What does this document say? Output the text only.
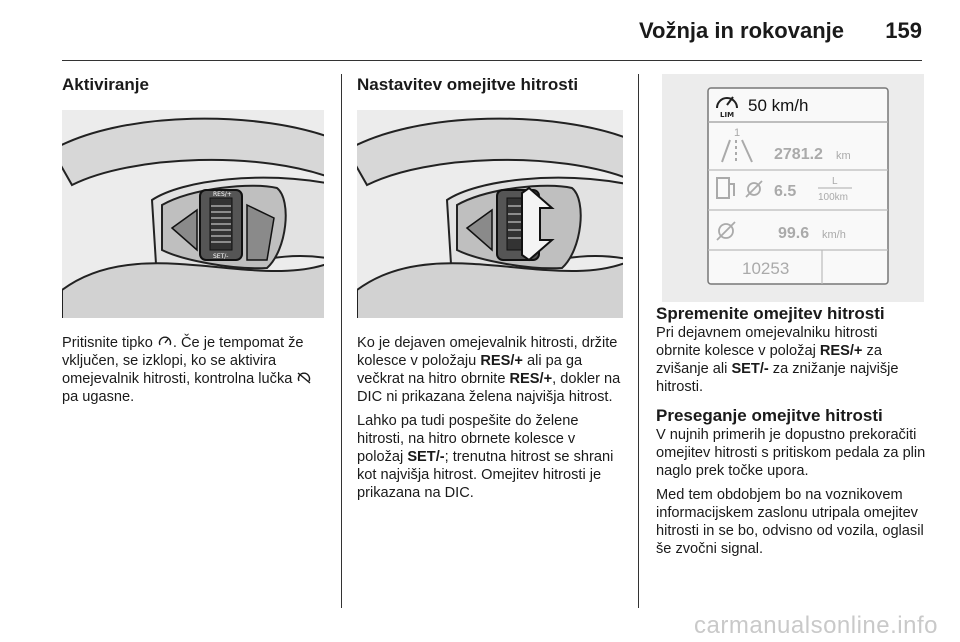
Vožnja in rokovanje 159
Aktiviranje
RES/+
SET/-

Pritisnite tipko . Če je tempomat že vključen, se izklopi, ko se aktivira omejevalnik hitrosti, kontrolna lučka  pa ugasne.

Nastavitev omejitve hitrosti

Ko je dejaven omejevalnik hitrosti, držite kolesce v položaju RES/+ ali pa ga večkrat na hitro obrnite RES/+, dokler na DIC ni prikazana želena najvišja hitrost.

Lahko pa tudi pospešite do želene hitrosti, na hitro obrnete kolesce v položaj SET/-; trenutna hitrost se shrani kot najvišja hitrost. Omejitev hitrosti je prikazana na DIC.

LIM 50 km/h
1
2781.2 km
6.5
L
100km
99.6 km/h
10253
Spremenite omejitev hitrosti

Pri dejavnem omejevalniku hitrosti obrnite kolesce v položaj RES/+ za zvišanje ali SET/- za znižanje najvišje hitrosti.

Preseganje omejitve hitrosti

V nujnih primerih je dopustno prekoračiti omejitev hitrosti s pritiskom pedala za plin naglo prek točke upora.

Med tem obdobjem bo na voznikovem informacijskem zaslonu utripala omejitev hitrosti in se bo, odvisno od vozila, oglasil še zvočni signal.

carmanualsonline.info
